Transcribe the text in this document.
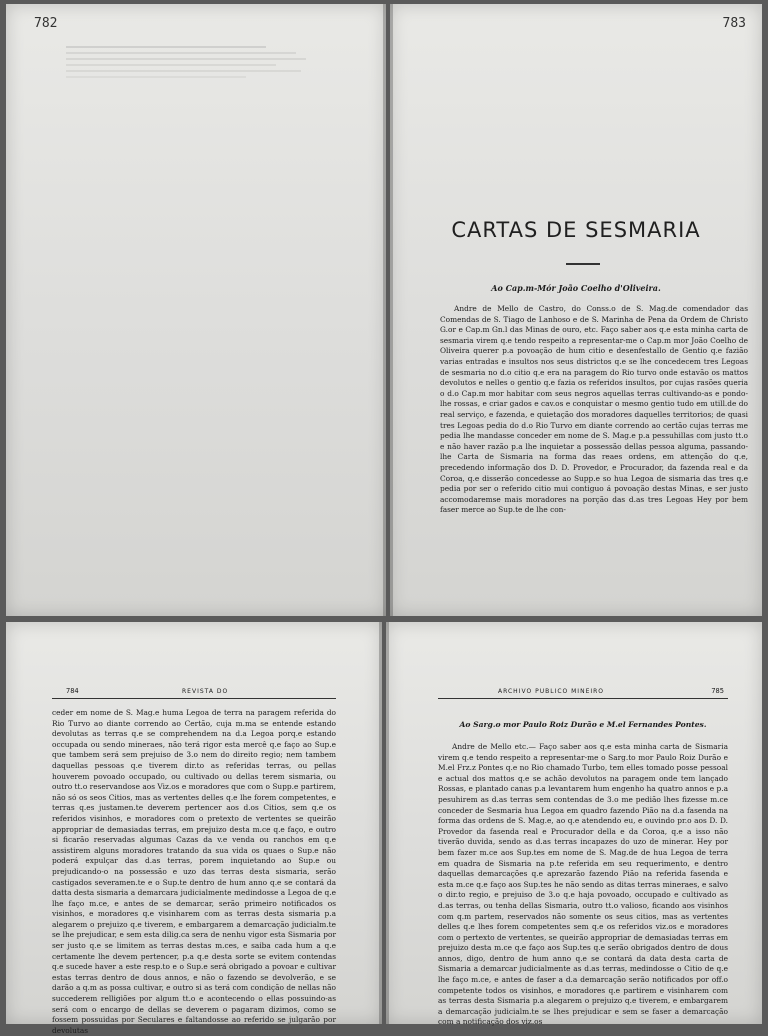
782	783
CARTAS DE SESMARIA
Ao Cap.m-Mór João Coelho d'Oliveira.

Andre de Mello de Castro, do Conss.o de S. Mag.de comendador das Comendas de S. Tiago de Lanhoso e de S. Marinha de Pena da Ordem de Christo G.or e Cap.m Gn.l das Minas de ouro, etc. Faço saber aos q.e esta minha carta de sesmaria virem q.e tendo respeito a representar-me o Cap.m mor João Coelho de Oliveira querer p.a povoação de hum citio e desenfestallo de Gentio q.e fazião varias entradas e insultos nos seus districtos q.e se lhe concedecem tres Legoas de sesmaria no d.o citio q.e era na paragem do Rio turvo onde estavão os mattos devolutos e nelles o gentio q.e fazia os referidos insultos, por cujas rasões queria o d.o Cap.m mor habitar com seus negros aquellas terras cultivando-as e pondo-lhe rossas, e criar gados e cav.os e conquistar o mesmo gentio tudo em utill.de do real serviço, e fazenda, e quietação dos moradores daquelles territorios; de quasi tres Legoas pedia do d.o Rio Turvo em diante correndo ao certão cujas terras me pedia lhe mandasse conceder em nome de S. Mag.e p.a pessuhillas com justo tt.o e não haver razão p.a lhe inquietar a possessão dellas pessoa alguma, passando-lhe Carta de Sismaria na forma das reaes ordens, em attenção do q.e, precedendo informação dos D. D. Provedor, e Procurador, da fazenda real e da Coroa, q.e disserão concedesse ao Supp.e so hua Legoa de sismaria das tres q.e pedia por ser o referido citio mui contiguo á povoação destas Minas, e ser justo accomodaremse mais moradores na porção das d.as tres Legoas Hey por bem faser merce ao Sup.te de lhe con-

784	REVISTA DO

ceder em nome de S. Mag.e huma Legoa de terra na paragem referida do Rio Turvo ao diante correndo ao Certão, cuja m.ma se entende estando devolutas as terras q.e se comprehendem na d.a Legoa porq.e estando occupada ou sendo mineraes, não terá rigor esta mercê q.e faço ao Sup.e que tambem será sem prejuiso de 3.o nem do direito regio; nem tambem daquellas pessoas q.e tiverem dir.to as referidas terras, ou pellas houverem povoado occupado, ou cultivado ou dellas terem sismaria, ou outro tt.o reservandose aos Viz.os e moradores que com o Supp.e partirem, não só os seos Citios, mas as vertentes delles q.e lhe forem competentes, e terras q.es justamen.te deverem pertencer aos d.os Citios, sem q.e os referidos visinhos, e moradores com o pretexto de vertentes se queirão appropriar de demasiadas terras, em prejuizo desta m.ce q.e faço, e outro si ficarão reservadas algumas Cazas da v.e venda ou ranchos em q.e assistirem alguns moradores tratando da sua vida os quaes o Sup.e não poderá expulçar das d.as terras, porem inquietando ao Sup.e ou prejudicando-o na possessão e uzo das terras desta sismaria, serão castigados severamen.te e o Sup.te dentro de hum anno q.e se contará da datta desta sismaria a demarcara judicialmente medindosse a Legoa de q.e lhe faço m.ce, e antes de se demarcar, serão primeiro notificados os visinhos, e moradores q.e visinharem com as terras desta sismaria p.a alegarem o prejuizo q.e tiverem, e embargarem a demarcação judicialm.te se lhe prejudicar, e sem esta dilig.ca sera de nenhu vigor esta Sismaria por ser justo q.e se limitem as terras destas m.ces, e saiba cada hum a q.e certamente lhe devem pertencer, p.a q.e desta sorte se evitem contendas q.e sucede haver a este resp.to e o Sup.e será obrigado a povoar e cultivar estas terras dentro de dous annos, e não o fazendo se devolverão, e se darão a q.m as possa cultivar, e outro si as terá com condição de nellas não succederem relligiões por algum tt.o e acontecendo o ellas possuindo-as será com o encargo de dellas se deverem o pagaram dizimos, como se fossem possuidas por Seculares e faltandosse ao referido se julgarão por devolutas

ARCHIVO PUBLICO MINEIRO	785
Ao Sarg.o mor Paulo Roiz Durão e M.el Fernandes Pontes.

Andre de Mello etc.— Faço saber aos q.e esta minha carta de Sismaria virem q.e tendo respeito a representar-me o Sarg.to mor Paulo Roiz Durão e M.el Frz.z Pontes q.e no Rio chamado Turbo, tem elles tomado posse pessoal e actual dos mattos q.e se achão devolutos na paragem onde tem lançado Rossas, e plantado canas p.a levantarem hum engenho ha quatro annos e p.a pesuhirem as d.as terras sem contendas de 3.o me pedião lhes fizesse m.ce conceder de Sesmaria hua Legoa em quadro fazendo Pião na d.a fasenda na forma das ordens de S. Mag.e, ao q.e atendendo eu, e ouvindo pr.o aos D. D. Provedor da fasenda real e Procurador della e da Coroa, q.e a isso não tiverão duvida, sendo as d.as terras incapazes do uzo de minerar. Hey por bem fazer m.ce aos Sup.tes em nome de S. Mag.de de hua Legoa de terra em quadra de Sismaria na p.te referida em seu requerimento, e dentro daquellas demarcações q.e aprezarão fazendo Pião na referida fasenda e esta m.ce q.e faço aos Sup.tes he não sendo as ditas terras mineraes, e salvo o dir.to regio, e prejuiso de 3.o q.e haja povoado, occupado e cultivado as d.as terras, ou tenha dellas Sismaria, outro tt.o valioso, ficando aos visinhos com q.m partem, reservados não somente os seus citios, mas as vertentes delles q.e lhes forem competentes sem q.e os referidos viz.os e moradores com o pertexto de vertentes, se queirão appropriar de demasiadas terras em prejuizo desta m.ce q.e faço aos Sup.tes q.e serão obrigados dentro de dous annos, digo, dentro de hum anno q.e se contará da data desta carta de Sismaria a demarcar judicialmente as d.as terras, medindosse o Citio de q.e lhe faço m.ce, e antes de faser a d.a demarcação serão notificados por off.o competente todos os visinhos, e moradores q.e partirem e visinharem com as terras desta Sismaria p.a alegarem o prejuizo q.e tiverem, e embargarem a demarcação judicialm.te se lhes prejudicar e sem se faser a demarcação com a notificação dos viz.os
